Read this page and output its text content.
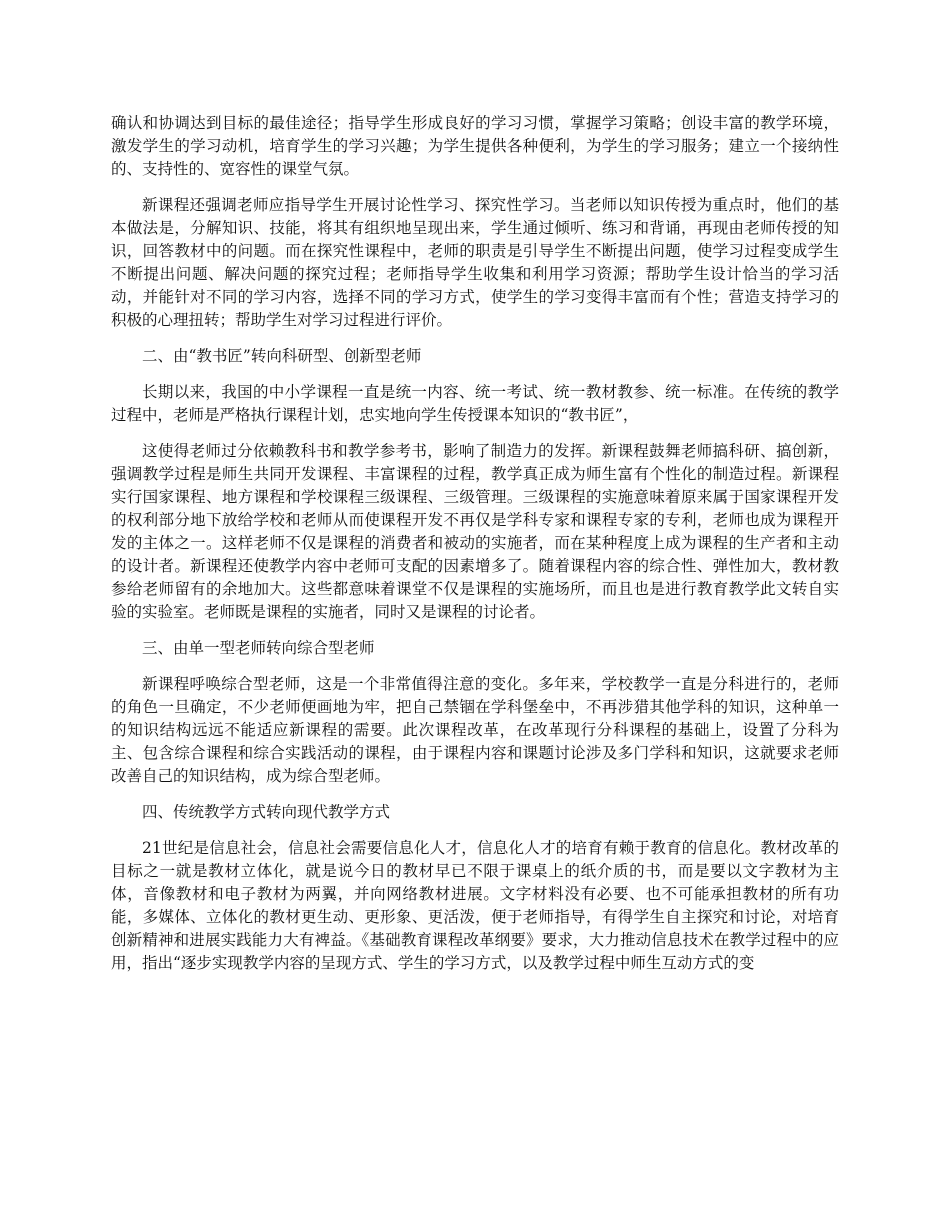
确认和协调达到目标的最佳途径；指导学生形成良好的学习习惯，掌握学习策略；创设丰富的教学环境，激发学生的学习动机，培育学生的学习兴趣；为学生提供各种便利，为学生的学习服务；建立一个接纳性的、支持性的、宽容性的课堂气氛。

新课程还强调老师应指导学生开展讨论性学习、探究性学习。当老师以知识传授为重点时，他们的基本做法是，分解知识、技能，将其有组织地呈现出来，学生通过倾听、练习和背诵，再现由老师传授的知识，回答教材中的问题。而在探究性课程中，老师的职责是引导学生不断提出问题，使学习过程变成学生不断提出问题、解决问题的探究过程；老师指导学生收集和利用学习资源；帮助学生设计恰当的学习活动，并能针对不同的学习内容，选择不同的学习方式，使学生的学习变得丰富而有个性；营造支持学习的积极的心理扭转；帮助学生对学习过程进行评价。

二、由“教书匠”转向科研型、创新型老师

长期以来，我国的中小学课程一直是统一内容、统一考试、统一教材教参、统一标准。在传统的教学过程中，老师是严格执行课程计划，忠实地向学生传授课本知识的“教书匠”，

这使得老师过分依赖教科书和教学参考书，影响了制造力的发挥。新课程鼓舞老师搞科研、搞创新，强调教学过程是师生共同开发课程、丰富课程的过程，教学真正成为师生富有个性化的制造过程。新课程实行国家课程、地方课程和学校课程三级课程、三级管理。三级课程的实施意味着原来属于国家课程开发的权利部分地下放给学校和老师从而使课程开发不再仅是学科专家和课程专家的专利，老师也成为课程开发的主体之一。这样老师不仅是课程的消费者和被动的实施者，而在某种程度上成为课程的生产者和主动的设计者。新课程还使教学内容中老师可支配的因素增多了。随着课程内容的综合性、弹性加大，教材教参给老师留有的余地加大。这些都意味着课堂不仅是课程的实施场所，而且也是进行教育教学此文转自实验的实验室。老师既是课程的实施者，同时又是课程的讨论者。

三、由单一型老师转向综合型老师

新课程呼唤综合型老师，这是一个非常值得注意的变化。多年来，学校教学一直是分科进行的，老师的角色一旦确定，不少老师便画地为牢，把自己禁锢在学科堡垒中，不再涉猎其他学科的知识，这种单一的知识结构远远不能适应新课程的需要。此次课程改革，在改革现行分科课程的基础上，设置了分科为主、包含综合课程和综合实践活动的课程，由于课程内容和课题讨论涉及多门学科和知识，这就要求老师改善自己的知识结构，成为综合型老师。

四、传统教学方式转向现代教学方式

21世纪是信息社会，信息社会需要信息化人才，信息化人才的培育有赖于教育的信息化。教材改革的目标之一就是教材立体化，就是说今日的教材早已不限于课桌上的纸介质的书，而是要以文字教材为主体，音像教材和电子教材为两翼，并向网络教材进展。文字材料没有必要、也不可能承担教材的所有功能，多媒体、立体化的教材更生动、更形象、更活泼，便于老师指导，有得学生自主探究和讨论，对培育创新精神和进展实践能力大有裨益。《基础教育课程改革纲要》要求，大力推动信息技术在教学过程中的应用，指出“逐步实现教学内容的呈现方式、学生的学习方式，以及教学过程中师生互动方式的变
